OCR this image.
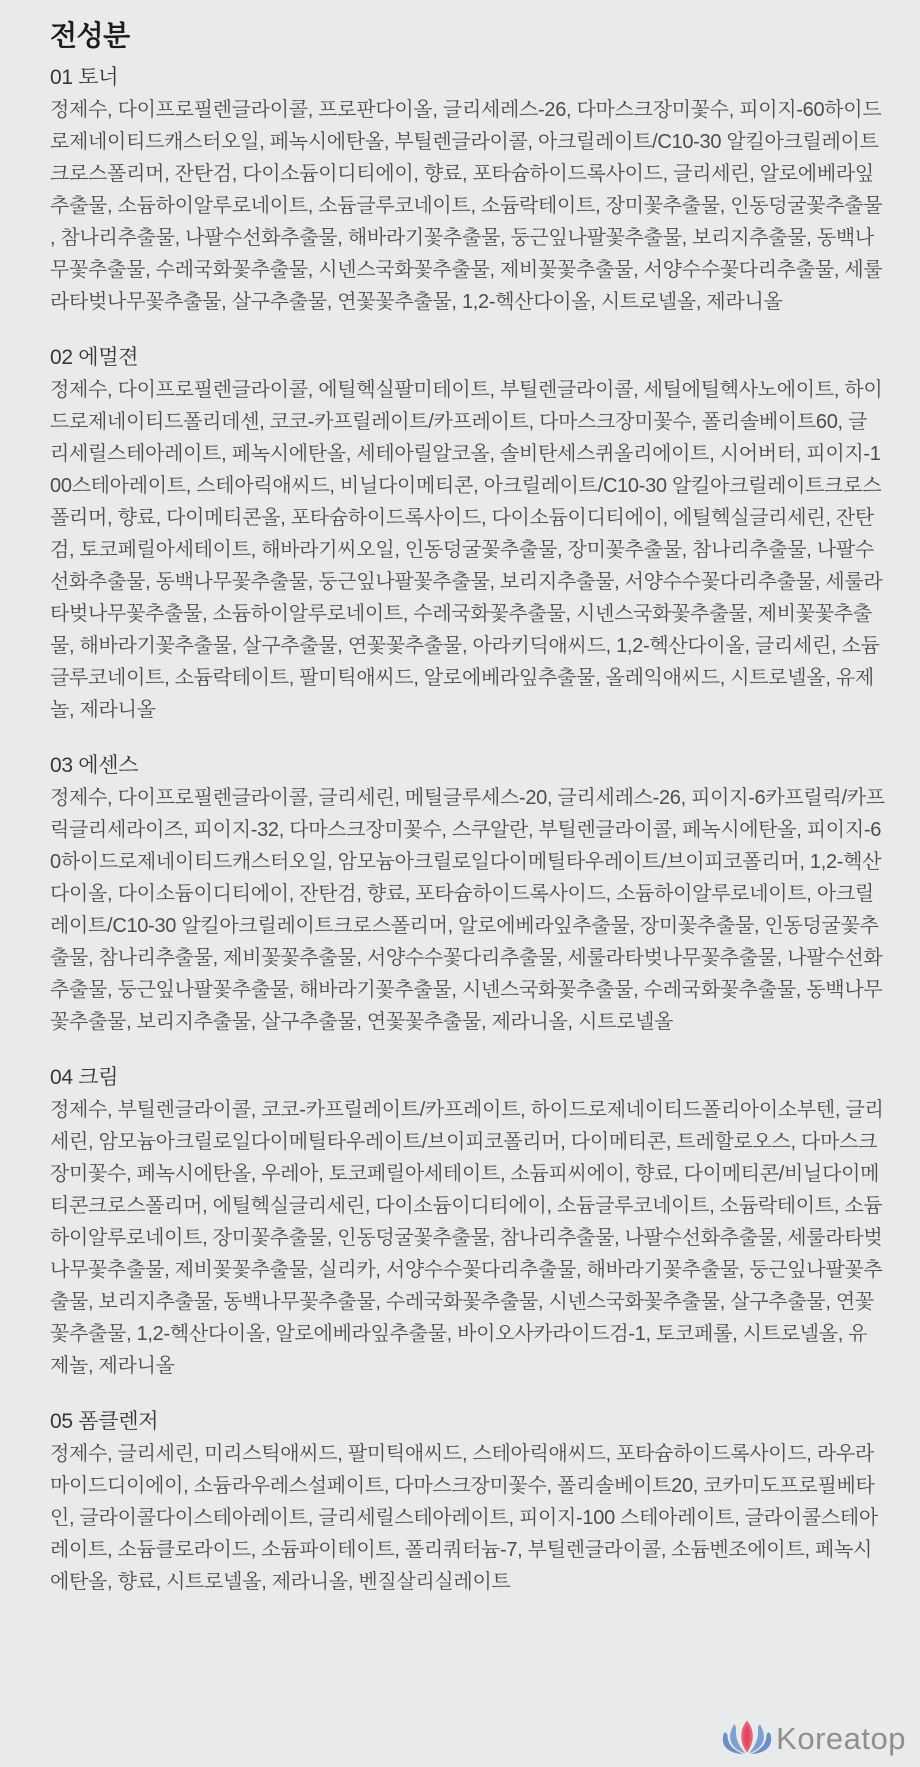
전성분
01 토너

정제수, 다이프로필렌글라이콜, 프로판다이올, 글리세레스-26, 다마스크장미꽃수, 피이지-60하이드로제네이티드캐스터오일, 페녹시에탄올, 부틸렌글라이콜, 아크릴레이트/C10-30 알킬아크릴레이트크로스폴리머, 잔탄검, 다이소듐이디티에이, 향료, 포타슘하이드록사이드, 글리세린, 알로에베라잎추출물, 소듐하이알루로네이트, 소듐글루코네이트, 소듐락테이트, 장미꽃추출물, 인동덩굴꽃추출물, 참나리추출물, 나팔수선화추출물, 해바라기꽃추출물, 둥근잎나팔꽃추출물, 보리지추출물, 동백나무꽃추출물, 수레국화꽃추출물, 시넨스국화꽃추출물, 제비꽃꽃추출물, 서양수수꽃다리추출물, 세룰라타벚나무꽃추출물, 살구추출물, 연꽃꽃추출물, 1,2-헥산다이올, 시트로넬올, 제라니올

02 에멀젼

정제수, 다이프로필렌글라이콜, 에틸헥실팔미테이트, 부틸렌글라이콜, 세틸에틸헥사노에이트, 하이드로제네이티드폴리데센, 코코-카프릴레이트/카프레이트, 다마스크장미꽃수, 폴리솔베이트60, 글리세릴스테아레이트, 페녹시에탄올, 세테아릴알코올, 솔비탄세스퀴올리에이트, 시어버터, 피이지-100스테아레이트, 스테아릭애씨드, 비닐다이메티콘, 아크릴레이트/C10-30 알킬아크릴레이트크로스폴리머, 향료, 다이메티콘올, 포타슘하이드록사이드, 다이소듐이디티에이, 에틸헥실글리세린, 잔탄검, 토코페릴아세테이트, 해바라기씨오일, 인동덩굴꽃추출물, 장미꽃추출물, 참나리추출물, 나팔수선화추출물, 동백나무꽃추출물, 둥근잎나팔꽃추출물, 보리지추출물, 서양수수꽃다리추출물, 세룰라타벚나무꽃추출물, 소듐하이알루로네이트, 수레국화꽃추출물, 시넨스국화꽃추출물, 제비꽃꽃추출물, 해바라기꽃추출물, 살구추출물, 연꽃꽃추출물, 아라키딕애씨드, 1,2-헥산다이올, 글리세린, 소듐글루코네이트, 소듐락테이트, 팔미틱애씨드, 알로에베라잎추출물, 올레익애씨드, 시트로넬올, 유제놀, 제라니올

03 에센스

정제수, 다이프로필렌글라이콜, 글리세린, 메틸글루세스-20, 글리세레스-26, 피이지-6카프릴릭/카프릭글리세라이즈, 피이지-32, 다마스크장미꽃수, 스쿠알란, 부틸렌글라이콜, 페녹시에탄올, 피이지-60하이드로제네이티드캐스터오일, 암모늄아크릴로일다이메틸타우레이트/브이피코폴리머, 1,2-헥산다이올, 다이소듐이디티에이, 잔탄검, 향료, 포타슘하이드록사이드, 소듐하이알루로네이트, 아크릴레이트/C10-30 알킬아크릴레이트크로스폴리머, 알로에베라잎추출물, 장미꽃추출물, 인동덩굴꽃추출물, 참나리추출물, 제비꽃꽃추출물, 서양수수꽃다리추출물, 세룰라타벚나무꽃추출물, 나팔수선화추출물, 둥근잎나팔꽃추출물, 해바라기꽃추출물, 시넨스국화꽃추출물, 수레국화꽃추출물, 동백나무꽃추출물, 보리지추출물, 살구추출물, 연꽃꽃추출물, 제라니올, 시트로넬올

04 크림

정제수, 부틸렌글라이콜, 코코-카프릴레이트/카프레이트, 하이드로제네이티드폴리아이소부텐, 글리세린, 암모늄아크릴로일다이메틸타우레이트/브이피코폴리머, 다이메티콘, 트레할로오스, 다마스크장미꽃수, 페녹시에탄올, 우레아, 토코페릴아세테이트, 소듐피씨에이, 향료, 다이메티콘/비닐다이메티콘크로스폴리머, 에틸헥실글리세린, 다이소듐이디티에이, 소듐글루코네이트, 소듐락테이트, 소듐하이알루로네이트, 장미꽃추출물, 인동덩굴꽃추출물, 참나리추출물, 나팔수선화추출물, 세룰라타벚나무꽃추출물, 제비꽃꽃추출물, 실리카, 서양수수꽃다리추출물, 해바라기꽃추출물, 둥근잎나팔꽃추출물, 보리지추출물, 동백나무꽃추출물, 수레국화꽃추출물, 시넨스국화꽃추출물, 살구추출물, 연꽃꽃추출물, 1,2-헥산다이올, 알로에베라잎추출물, 바이오사카라이드검-1, 토코페롤, 시트로넬올, 유제놀, 제라니올

05 폼클렌저

정제수, 글리세린, 미리스틱애씨드, 팔미틱애씨드, 스테아릭애씨드, 포타슘하이드록사이드, 라우라마이드디이에이, 소듐라우레스설페이트, 다마스크장미꽃수, 폴리솔베이트20, 코카미도프로필베타인, 글라이콜다이스테아레이트, 글리세릴스테아레이트, 피이지-100 스테아레이트, 글라이콜스테아레이트, 소듐클로라이드, 소듐파이테이트, 폴리쿼터늄-7, 부틸렌글라이콜, 소듐벤조에이트, 페녹시에탄올, 향료, 시트로넬올, 제라니올, 벤질살리실레이트

Koreatop
